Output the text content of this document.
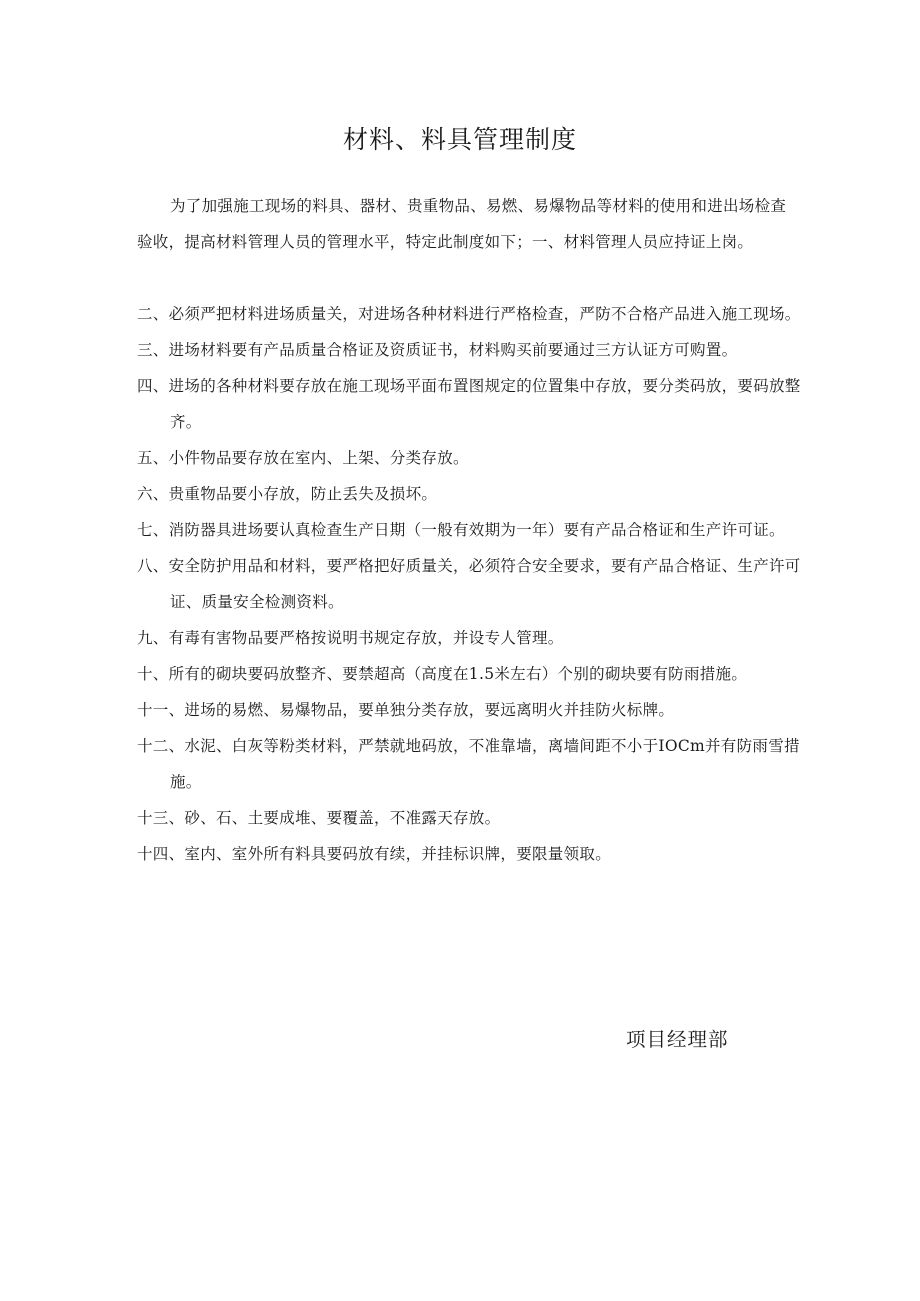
材料、料具管理制度

为了加强施工现场的料具、器材、贵重物品、易燃、易爆物品等材料的使用和进出场检查验收，提高材料管理人员的管理水平，特定此制度如下；一、材料管理人员应持证上岗。

二、必须严把材料进场质量关，对进场各种材料进行严格检查，严防不合格产品进入施工现场。
三、进场材料要有产品质量合格证及资质证书，材料购买前要通过三方认证方可购置。
四、进场的各种材料要存放在施工现场平面布置图规定的位置集中存放，要分类码放，要码放整齐。
五、小件物品要存放在室内、上架、分类存放。
六、贵重物品要小存放，防止丢失及损坏。
七、消防器具进场要认真检查生产日期（一般有效期为一年）要有产品合格证和生产许可证。
八、安全防护用品和材料，要严格把好质量关，必须符合安全要求，要有产品合格证、生产许可证、质量安全检测资料。
九、有毒有害物品要严格按说明书规定存放，并设专人管理。
十、所有的砌块要码放整齐、要禁超高（高度在1.5米左右）个别的砌块要有防雨措施。
十一、进场的易燃、易爆物品，要单独分类存放，要远离明火并挂防火标牌。
十二、水泥、白灰等粉类材料，严禁就地码放，不准靠墙，离墙间距不小于IOCm并有防雨雪措施。
十三、砂、石、土要成堆、要覆盖，不准露天存放。
十四、室内、室外所有料具要码放有续，并挂标识牌，要限量领取。
项目经理部
